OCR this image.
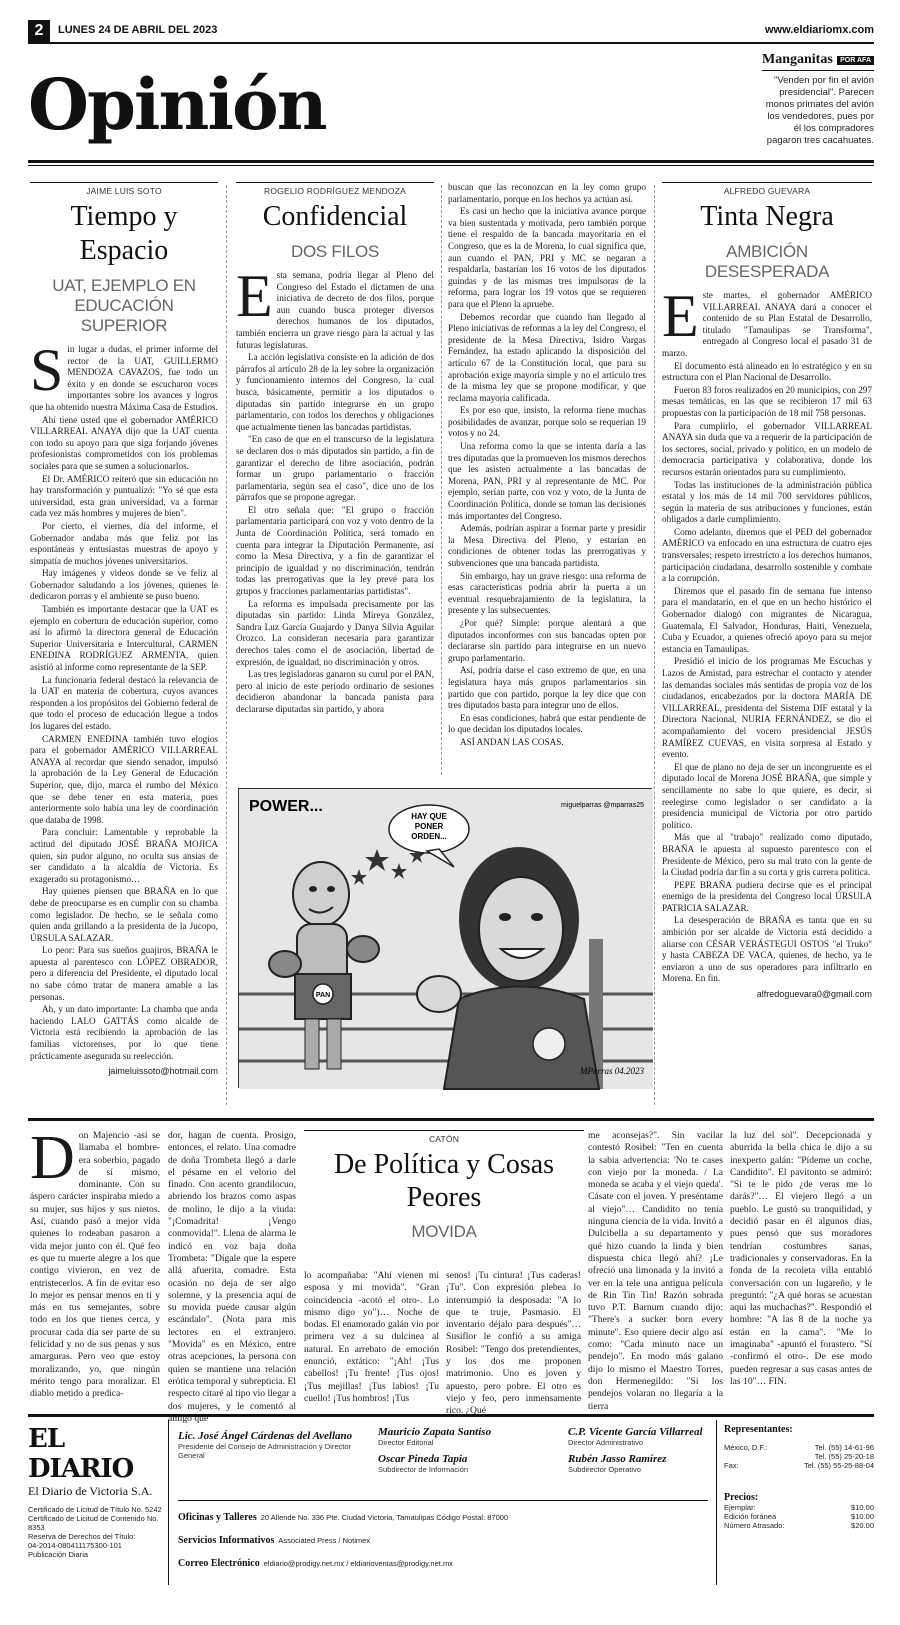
2	LUNES 24 DE ABRIL DEL 2023	www.eldiariomx.com
Opinión
Manganitas	POR AFA
"Venden por fin el avión presidencial". Parecen monos primates del avión los vendedores, pues por él los compradores pagaron tres cacahuates.
JAIME LUIS SOTO
Tiempo y Espacio
UAT, EJEMPLO EN EDUCACIÓN SUPERIOR

Sin lugar a dudas, el primer informe del rector de la UAT, GUILLERMO MENDOZA CAVAZOS, fue todo un éxito y en donde se escucharon voces importantes sobre los avances y logros que ha obtenido nuestra Máxima Casa de Estudios.

Ahí tiene usted que el gobernador AMÉRICO VILLARREAL ANAYA dijo que la UAT cuenta con todo su apoyo para que siga forjando jóvenes profesionistas comprometidos con los problemas sociales para que se sumen a solucionarlos.

El Dr. AMÉRICO reiteró que sin educación no hay transformación y puntualizó: "Yo sé que esta universidad, esta gran universidad, va a formar cada vez más hombres y mujeres de bien".

Por cierto, el viernes, día del informe, el Gobernador andaba más que feliz por las espontáneas y entusiastas muestras de apoyo y simpatía de muchos jóvenes universitarios.

Hay imágenes y videos donde se ve feliz al Gobernador saludando a los jóvenes, quienes le dedicaron porras y el ambiente se puso bueno.

También es importante destacar que la UAT es ejemplo en cobertura de educación superior, como así lo afirmó la directora general de Educación Superior Universitaria e Intercultural, CARMEN ENEDINA RODRÍGUEZ ARMENTA, quien asistió al informe como representante de la SEP.

La funcionaria federal destacó la relevancia de la UAT en materia de cobertura, cuyos avances responden a los propósitos del Gobierno federal de que todo el proceso de educación llegue a todos los lugares del estado.

CARMEN ENEDINA también tuvo elogios para el gobernador AMÉRICO VILLARREAL ANAYA al recordar que siendo senador, impulsó la aprobación de la Ley General de Educación Superior, que, dijo, marca el rumbo del México que se debe tener en esta materia, pues anteriormente solo había una ley de coordinación que databa de 1998.

Para concluir: Lamentable y reprobable la actitud del diputado JOSÉ BRAÑA MOJICA quien, sin pudor alguno, no oculta sus ansias de ser candidato a la alcaldía de Victoria. Es exagerado su protagonismo…

Hay quienes piensen que BRAÑA en lo que debe de preocuparse es en cumplir con su chamba como legislador. De hecho, se le señala como quien anda grillando a la presidenta de la Jucopo, ÚRSULA SALAZAR.

Lo peor: Para sus sueños guajiros, BRAÑA le apuesta al parentesco con LÓPEZ OBRADOR, pero a diferencia del Presidente, el diputado local no sabe cómo tratar de manera amable a las personas.

Ah, y un dato importante: La chamba que anda haciendo LALO GATTÁS como alcalde de Victoria está recibiendo la aprobación de las familias victorenses, por lo que tiene prácticamente asegurada su reelección.

jaimeluissoto@hotmail.com
ROGELIO RODRÍGUEZ MENDOZA
Confidencial
DOS FILOS

Esta semana, podría llegar al Pleno del Congreso del Estado el dictamen de una iniciativa de decreto de dos filos, porque aun cuando busca proteger diversos derechos humanos de los diputados, también encierra un grave riesgo para la actual y las futuras legislaturas.

La acción legislativa consiste en la adición de dos párrafos al artículo 28 de la ley sobre la organización y funcionamiento internos del Congreso, la cual busca, básicamente, permitir a los diputados o diputadas sin partido integrarse en un grupo parlamentario, con todos los derechos y obligaciones que actualmente tienen las bancadas partidistas.

"En caso de que en el transcurso de la legislatura se declaren dos o más diputados sin partido, a fin de garantizar el derecho de libre asociación, podrán formar un grupo parlamentario o fracción parlamentaria, según sea el caso", dice uno de los párrafos que se propone agregar.

El otro señala que: "El grupo o fracción parlamentaria participará con voz y voto dentro de la Junta de Coordinación Política, será tomado en cuenta para integrar la Diputación Permanente, así como la Mesa Directiva, y a fin de garantizar el principio de igualdad y no discriminación, tendrán todas las prerrogativas que la ley prevé para los grupos y fracciones parlamentarias partidistas".

La reforma es impulsada precisamente por las diputadas sin partido: Linda Mireya González, Sandra Luz García Guajardo y Danya Silvia Aguilar Orozco. La consideran necesaria para garantizar derechos tales como el de asociación, libertad de expresión, de igualdad, no discriminación y otros.

Las tres legisladoras ganaron su curul por el PAN, pero al inicio de este período ordinario de sesiones decidieron abandonar la bancada panista para declararse diputadas sin partido, y ahora

buscan que las reconozcan en la ley como grupo parlamentario, porque en los hechos ya actúan así.

Es casi un hecho que la iniciativa avance porque va bien sustentada y motivada, pero también porque tiene el respaldo de la bancada mayoritaria en el Congreso, que es la de Morena, lo cual significa que, aun cuando el PAN, PRI y MC se negaran a respaldarla, bastarían los 16 votos de los diputados guindas y de las mismas tres impulsoras de la reforma, para lograr los 19 votos que se requieren para que el Pleno la apruebe.

Debemos recordar que cuando han llegado al Pleno iniciativas de reformas a la ley del Congreso, el presidente de la Mesa Directiva, Isidro Vargas Fernández, ha estado aplicando la disposición del artículo 67 de la Constitución local, que para su aprobación exige mayoría simple y no el artículo tres de la misma ley que se propone modificar, y que reclama mayoría calificada.

Es por eso que, insisto, la reforma tiene muchas posibilidades de avanzar, porque solo se requerían 19 votos y no 24.

Una reforma como la que se intenta daría a las tres diputadas que la promueven los mismos derechos que les asisten actualmente a las bancadas de Morena, PAN, PRI y al representante de MC. Por ejemplo, serían parte, con voz y voto, de la Junta de Coordinación Política, donde se toman las decisiones más importantes del Congreso.

Además, podrían aspirar a formar parte y presidir la Mesa Directiva del Pleno, y estarían en condiciones de obtener todas las prerrogativas y subvenciones que una bancada partidista.

Sin embargo, hay un grave riesgo: una reforma de esas características podría abrir la puerta a un eventual resquebrajamiento de la legislatura, la presente y las subsecuentes.

¿Por qué? Simple: porque alentará a que diputados inconformes con sus bancadas opten por declararse sin partido para integrarse en un nuevo grupo parlamentario.

Así, podría darse el caso extremo de que, en una legislatura haya más grupos parlamentarios sin partido que con partido, porque la ley dice que con tres diputados basta para integrar uno de ellos.

En esas condiciones, habrá que estar pendiente de lo que decidan los diputados locales.

ASÍ ANDAN LAS COSAS.

ALFREDO GUEVARA
Tinta Negra
AMBICIÓN DESESPERADA

Este martes, el gobernador AMÉRICO VILLARREAL ANAYA dará a conocer el contenido de su Plan Estatal de Desarrollo, titulado "Tamaulipas se Transforma", entregado al Congreso local el pasado 31 de marzo.

El documento está alineado en lo estratégico y en su estructura con el Plan Nacional de Desarrollo.

Fueron 83 foros realizados en 20 municipios, con 297 mesas temáticas, en las que se recibieron 17 mil 63 propuestas con la participación de 18 mil 758 personas.

Para cumplirlo, el gobernador VILLARREAL ANAYA sin duda que va a requerir de la participación de los sectores, social, privado y político, en un modelo de democracia participativa y colaborativa, donde los recursos estarán orientados para su cumplimiento.

Todas las instituciones de la administración pública estatal y los más de 14 mil 700 servidores públicos, según la materia de sus atribuciones y funciones, están obligados a darle cumplimiento.

Como adelanto, diremos que el PED del gobernador AMÉRICO va enfocado en una estructura de cuatro ejes transversales; respeto irrestricto a los derechos humanos, participación ciudadana, desarrollo sostenible y combate a la corrupción.

Diremos que el pasado fin de semana fue intenso para el mandatario, en el que en un hecho histórico el Gobernador dialogó con migrantes de Nicaragua, Guatemala, El Salvador, Honduras, Haití, Venezuela, Cuba y Ecuador, a quienes ofreció apoyo para su mejor estancia en Tamaulipas.

Presidió el inicio de los programas Me Escuchas y Lazos de Amistad, para estrechar el contacto y atender las demandas sociales más sentidas de propia voz de los ciudadanos, encabezados por la doctora MARÍA DE VILLARREAL, presidenta del Sistema DIF estatal y la Directora Nacional, NURIA FERNÁNDEZ, se dio el acompañamiento del vocero presidencial JESÚS RAMÍREZ CUEVAS, en visita sorpresa al Estado y evento.

El que de plano no deja de ser un incongruente es el diputado local de Morena JOSÉ BRAÑA, que simple y sencillamente no sabe lo que quiere, es decir, si reelegirse como legislador o ser candidato a la presidencia municipal de Victoria por otro partido político.

Más que al "trabajo" realizado como diputado, BRAÑA le apuesta al supuesto parentesco con el Presidente de México, pero su mal trato con la gente de la Ciudad podría dar fin a su corta y gris carrera política.

PEPE BRAÑA pudiera decirse que es el principal enemigo de la presidenta del Congreso local ÚRSULA PATRICIA SALAZAR.

La desesperación de BRAÑA es tanta que en su ambición por ser alcalde de Victoria está decidido a aliarse con CÉSAR VERÁSTEGUI OSTOS "el Truko" y hasta CABEZA DE VACA, quienes, de hecho, ya le enviaron a uno de sus operadores para infiltrarlo en Morena. En fin.

alfredoguevara0@gmail.com
PAN
HAY QUE
PONER
ORDEN...
POWER...	miguelparras @mparras25
MParras 04.2023
Don Majencio -así se llamaba el hombre- era soberbio, pagado de sí mismo, dominante. Con su áspero carácter inspiraba miedo a su mujer, sus hijos y sus nietos. Así, cuando pasó a mejor vida quienes lo rodeaban pasaron a vida mejor junto con él. Qué feo es que tu muerte alegre a los que contigo vivieron, en vez de entristecerlos. A fin de evitar eso lo mejor es pensar menos en ti y más en tus semejantes, sobre todo en los que tienes cerca, y procurar cada día ser parte de su felicidad y no de sus penas y sus amarguras. Pero veo que estoy moralizando, yo, que ningún mérito tengo para moralizar. El diablo metido a predica-
dor, hagan de cuenta. Prosigo, entonces, el relato. Una comadre de doña Trombeta llegó a darle el pésame en el velorio del finado. Con acento grandilocuo, abriendo los brazos como aspas de molino, le dijo a la viuda: "¡Comadrita! ¡Vengo conmovida!". Llena de alarma le indicó en voz baja doña Trombeta: "Dígale que la espere allá afuerita, comadre. Esta ocasión no deja de ser algo solemne, y la presencia aquí de su movida puede causar algún escándalo". (Nota para mis lectores en el extranjero. "Movida" es en México, entre otras acepciones, la persona con quien se mantiene una relación erótica temporal y subrepticia. El respecto citaré al tipo vio llegar a dos mujeres, y le comentó al amigo que
CATÓN
De Política y Cosas Peores
MOVIDA
lo acompañaba: "Ahí vienen mi esposa y mi movida". "Gran coincidencia -acotó el otro-. Lo mismo digo yo")… Noche de bodas. El enamorado galán vio por primera vez a su dulcinea al natural. En arrebato de emoción enunció, extático: "¡Ah! ¡Tus cabellos! ¡Tu frente! ¡Tus ojos! ¡Tus mejillas! ¡Tus labios! ¡Tu cuello! ¡Tus hombros! ¡Tus
senos! ¡Tu cintura! ¡Tus caderas! ¡Tu". Con expresión plebea lo interrumpió la desposada: "A lo que te truje, Pasmasio. El inventario déjalo para después"… Susiflor le confió a su amiga Rosibel: "Tengo dos pretendientes, y los dos me proponen matrimonio. Uno es joven y apuesto, pero pobre. El otro es viejo y feo, pero inmensamente rico. ¿Qué
me aconsejas?". Sin vacilar contestó Rosibel: "Ten en cuenta la sabia advertencia: 'No te cases con viejo por la moneda. / La moneda se acaba y el viejo queda'. Cásate con el joven. Y preséntame al viejo"… Candidito no tenía ninguna ciencia de la vida. Invitó a Dulcibella a su departamento y qué hizo cuando la linda y bien dispuesta chica llegó ahí? ¡Le ofreció una limonada y la invitó a ver en la tele una antigua película de Rin Tin Tin! Razón sobrada tuvo P.T. Barnum cuando dijo: "There's a sucker born every minute". Eso quiere decir algo así como: "Cada minuto nace un pendejo". En modo más galano dijo lo mismo el Maestro Torres, don Hermenegildo: "Si los pendejos volaran no llegaría a la tierra
la luz del sol". Decepcionada y aburrida la bella chica le dijo a su inexperto galán: "Pídeme un coche, Candidito". El pavitonto se admiró: "Si te le pido ¿de veras me lo darás?"… El viejero llegó a un pueblo. Le gustó su tranquilidad, y decidió pasar en él algunos días, pues pensó que sus moradores tendrían costumbres sanas, tradicionales y conservadoras. En la fonda de la recoleta villa entabló conversación con un lugareño, y le preguntó: "¿A qué horas se acuestan aquí las muchachas?". Respondió el hombre: "A las 8 de la noche ya están en la cama". "Me lo imaginaba" -apuntó el forastero. "Sí -confirmó el otro-. De ese modo pueden regresar a sus casas antes de las 10"… FIN.
EL DIARIO
El Diario de Victoria S.A.
Certificado de Licitud de Título No. 5242
Certificado de Licitud de Contenido No. 8353
Reserva de Derechos del Título:
04-2014-080411175300-101
Publicación Diaria
Lic. José Ángel Cárdenas del Avellano
Presidente del Consejo de Administración y Director General
Mauricio Zapata Santiso
Director Editorial
Oscar Pineda Tapia
Subdirector de Información
C.P. Vicente García Villarreal
Director Administrativo
Rubén Jasso Ramírez
Subdirector Operativo
Oficinas y Talleres 20 Allende No. 336 Pte. Ciudad Victoria, Tamaulipas Código Postal: 87000
Servicios Informativos Associated Press / Notimex
Correo Electrónico eldiario@prodigy.net.mx / eldiarioventas@prodigy.net.mx
Representantes:
México, D.F.:	Tel. (55) 14-61-96
Tel. (55) 25-20-18
Fax:	Tel. (55) 55-25-88-04
Precios:
Ejemplar:	$10.00
Edición foránea	$10.00
Número Atrasado:	$20.00
